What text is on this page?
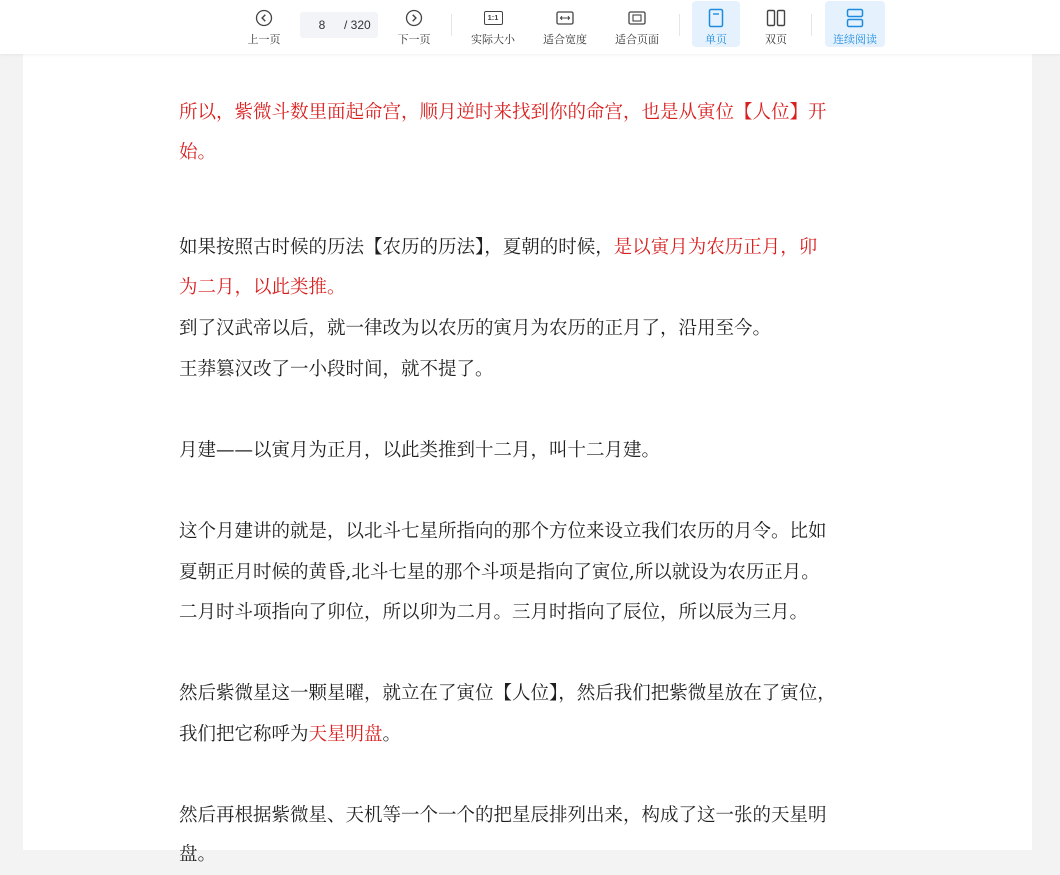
上一页
8	/ 320
下一页
1:1
实际大小	适合宽度	适合页面	单页	双页	连续阅读
所以，紫微斗数里面起命宫，顺月逆时来找到你的命宫，也是从寅位【人位】开
始。
如果按照古时候的历法【农历的历法】，夏朝的时候，是以寅月为农历正月，卯
为二月，以此类推。
到了汉武帝以后，就一律改为以农历的寅月为农历的正月了，沿用至今。
王莽篡汉改了一小段时间，就不提了。
月建——以寅月为正月，以此类推到十二月，叫十二月建。
这个月建讲的就是，以北斗七星所指向的那个方位来设立我们农历的月令。比如
夏朝正月时候的黄昏,北斗七星的那个斗项是指向了寅位,所以就设为农历正月。
二月时斗项指向了卯位，所以卯为二月。三月时指向了辰位，所以辰为三月。
然后紫微星这一颗星曜，就立在了寅位【人位】，然后我们把紫微星放在了寅位，
我们把它称呼为天星明盘。
然后再根据紫微星、天机等一个一个的把星辰排列出来，构成了这一张的天星明
盘。
